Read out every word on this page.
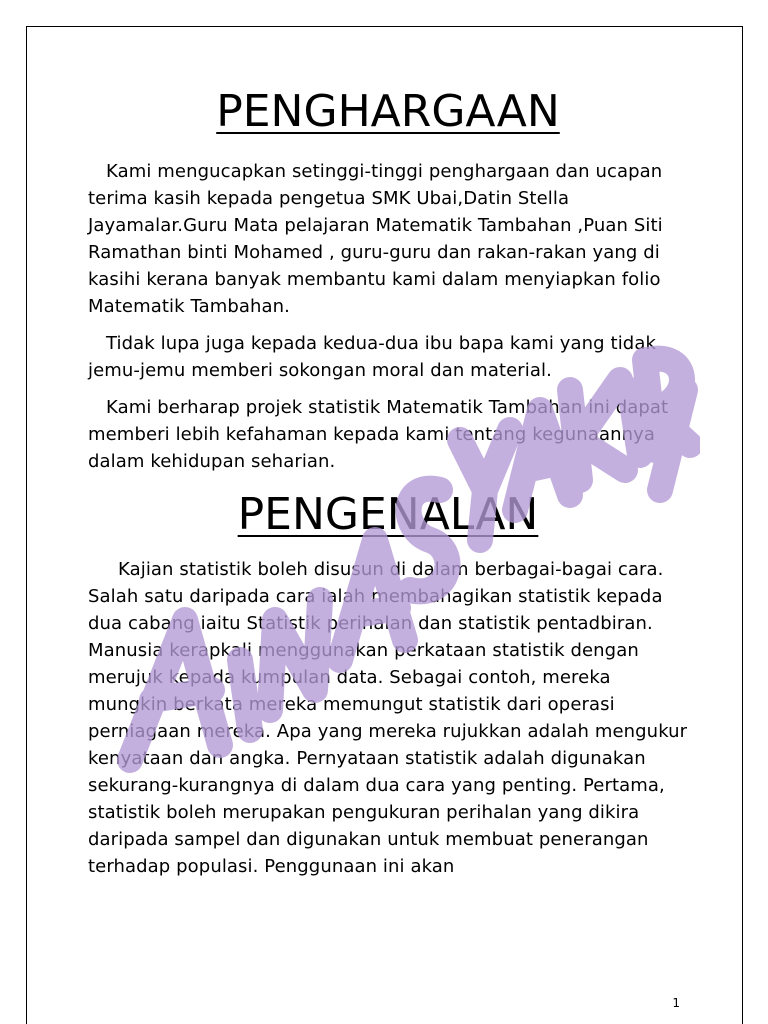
PENGHARGAAN

Kami mengucapkan setinggi-tinggi penghargaan dan ucapan terima kasih kepada pengetua SMK Ubai,Datin Stella Jayamalar.Guru Mata pelajaran Matematik Tambahan ,Puan Siti Ramathan binti Mohamed , guru-guru dan rakan-rakan yang di kasihi kerana banyak membantu kami dalam menyiapkan folio Matematik Tambahan.

Tidak lupa juga kepada kedua-dua ibu bapa kami yang tidak jemu-jemu memberi sokongan moral dan material.

Kami berharap projek statistik Matematik Tambahan ini dapat memberi lebih kefahaman kepada kami tentang kegunaannya dalam kehidupan seharian.

PENGENALAN

Kajian statistik boleh disusun di dalam berbagai-bagai cara. Salah satu daripada cara ialah membahagikan statistik kepada dua cabang iaitu Statistik perihalan dan statistik pentadbiran. Manusia kerapkali menggunakan perkataan statistik dengan merujuk kepada kumpulan data. Sebagai contoh, mereka mungkin berkata mereka memungut statistik dari operasi perniagaan mereka. Apa yang mereka rujukkan adalah mengukur kenyataan dan angka. Pernyataan statistik adalah digunakan sekurang-kurangnya di dalam dua cara yang penting. Pertama, statistik boleh merupakan pengukuran perihalan yang dikira daripada sampel dan digunakan untuk membuat penerangan terhadap populasi. Penggunaan ini akan

1
